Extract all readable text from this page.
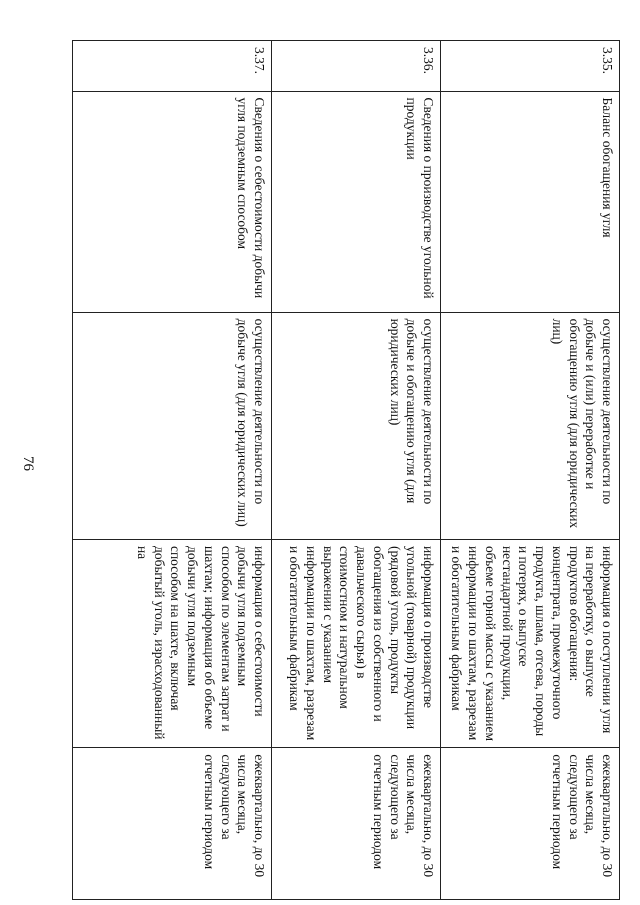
76
3.35.	Баланс обогащения угля	осуществление деятельности по добыче и (или) переработке и обогащению угля (для юридических лиц)	информация о поступлении угля на переработку, о выпуске продуктов обогащения: концентрата, промежуточного продукта, шлама, отсева, породы и потерях, о выпуске нестандартной продукции, объеме горной массы с указанием информации по шахтам, разрезам и обогатительным фабрикам	ежеквартально, до 30 числа месяца, следующего за отчетным периодом

3.36.	Сведения о производстве угольной продукции	осуществление деятельности по добыче и обогащению угля (для юридических лиц)	информация о производстве угольной (товарной) продукции (рядовой уголь, продукты обогащения из собственного и давальческого сырья) в стоимостном и натуральном выражении с указанием информации по шахтам, разрезам и обогатительным фабрикам	ежеквартально, до 30 числа месяца, следующего за отчетным периодом

3.37.	Сведения о себестоимости добычи угля подземным способом	осуществление деятельности по добыче угля (для юридических лиц)	информация о себестоимости добычи угля подземным способом по элементам затрат и шахтам; информация об объеме добычи угля подземным способом на шахте, включая добытый уголь, израсходованный на	ежеквартально, до 30 числа месяца, следующего за отчетным периодом
